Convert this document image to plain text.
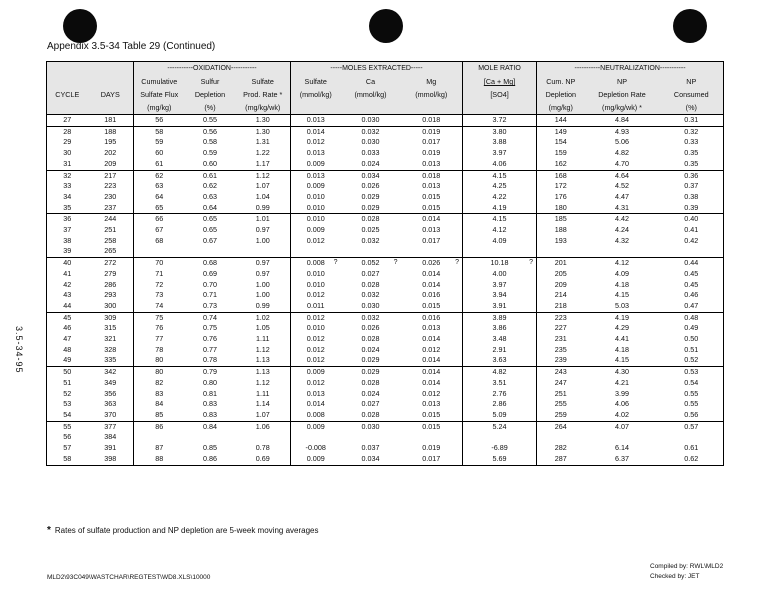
Appendix 3.5-34 Table 29 (Continued)
3.5-34-95
		-----------OXIDATION-----------			-----MOLES EXTRACTED-----			MOLE RATIO	-----------NEUTRALIZATION-----------		
		Cumulative	Sulfur	Sulfate	Sulfate	Ca	Mg	[Ca + Mg]	Cum. NP	NP	NP
CYCLE	DAYS	Sulfate Flux	Depletion	Prod. Rate *	(mmol/kg)	(mmol/kg)	(mmol/kg)	[SO4]	Depletion	Depletion Rate	Consumed
		(mg/kg)	(%)	(mg/kg/wk)					(mg/kg)	(mg/kg/wk) *	(%)
27	181	56	0.55	1.30	0.013	0.030	0.018	3.72	144	4.84	0.31
28	188	58	0.56	1.30	0.014	0.032	0.019	3.80	149	4.93	0.32
29	195	59	0.58	1.31	0.012	0.030	0.017	3.88	154	5.06	0.33
30	202	60	0.59	1.22	0.013	0.033	0.019	3.97	159	4.82	0.35
31	209	61	0.60	1.17	0.009	0.024	0.013	4.06	162	4.70	0.35
32	217	62	0.61	1.12	0.013	0.034	0.018	4.15	168	4.64	0.36
33	223	63	0.62	1.07	0.009	0.026	0.013	4.25	172	4.52	0.37
34	230	64	0.63	1.04	0.010	0.029	0.015	4.22	176	4.47	0.38
35	237	65	0.64	0.99	0.010	0.029	0.015	4.19	180	4.31	0.39
36	244	66	0.65	1.01	0.010	0.028	0.014	4.15	185	4.42	0.40
37	251	67	0.65	0.97	0.009	0.025	0.013	4.12	188	4.24	0.41
38	258	68	0.67	1.00	0.012	0.032	0.017	4.09	193	4.32	0.42
39	265										
40	272	70	0.68	0.97	0.008 ?	0.052 ?	0.026 ?	10.18 ?	201	4.12	0.44
41	279	71	0.69	0.97	0.010	0.027	0.014	4.00	205	4.09	0.45
42	286	72	0.70	1.00	0.010	0.028	0.014	3.97	209	4.18	0.45
43	293	73	0.71	1.00	0.012	0.032	0.016	3.94	214	4.15	0.46
44	300	74	0.73	0.99	0.011	0.030	0.015	3.91	218	5.03	0.47
45	309	75	0.74	1.02	0.012	0.032	0.016	3.89	223	4.19	0.48
46	315	76	0.75	1.05	0.010	0.026	0.013	3.86	227	4.29	0.49
47	321	77	0.76	1.11	0.012	0.028	0.014	3.48	231	4.41	0.50
48	328	78	0.77	1.12	0.012	0.024	0.012	2.91	235	4.18	0.51
49	335	80	0.78	1.13	0.012	0.029	0.014	3.63	239	4.15	0.52
50	342	80	0.79	1.13	0.009	0.029	0.014	4.82	243	4.30	0.53
51	349	82	0.80	1.12	0.012	0.028	0.014	3.51	247	4.21	0.54
52	356	83	0.81	1.11	0.013	0.024	0.012	2.76	251	3.99	0.55
53	363	84	0.83	1.14	0.014	0.027	0.013	2.86	255	4.06	0.55
54	370	85	0.83	1.07	0.008	0.028	0.015	5.09	259	4.02	0.56
55	377	86	0.84	1.06	0.009	0.030	0.015	5.24	264	4.07	0.57
56	384										
57	391	87	0.85	0.78	-0.008	0.037	0.019	-6.89	282	6.14	0.61
58	398	88	0.86	0.69	0.009	0.034	0.017	5.69	287	6.37	0.62
* Rates of sulfate production and NP depletion are 5-week moving averages
MLD2\93C049\WASTCHAR\REGTEST\WD8.XLS\10000
Compiled by: RWL\MLD2
Checked by: JET
